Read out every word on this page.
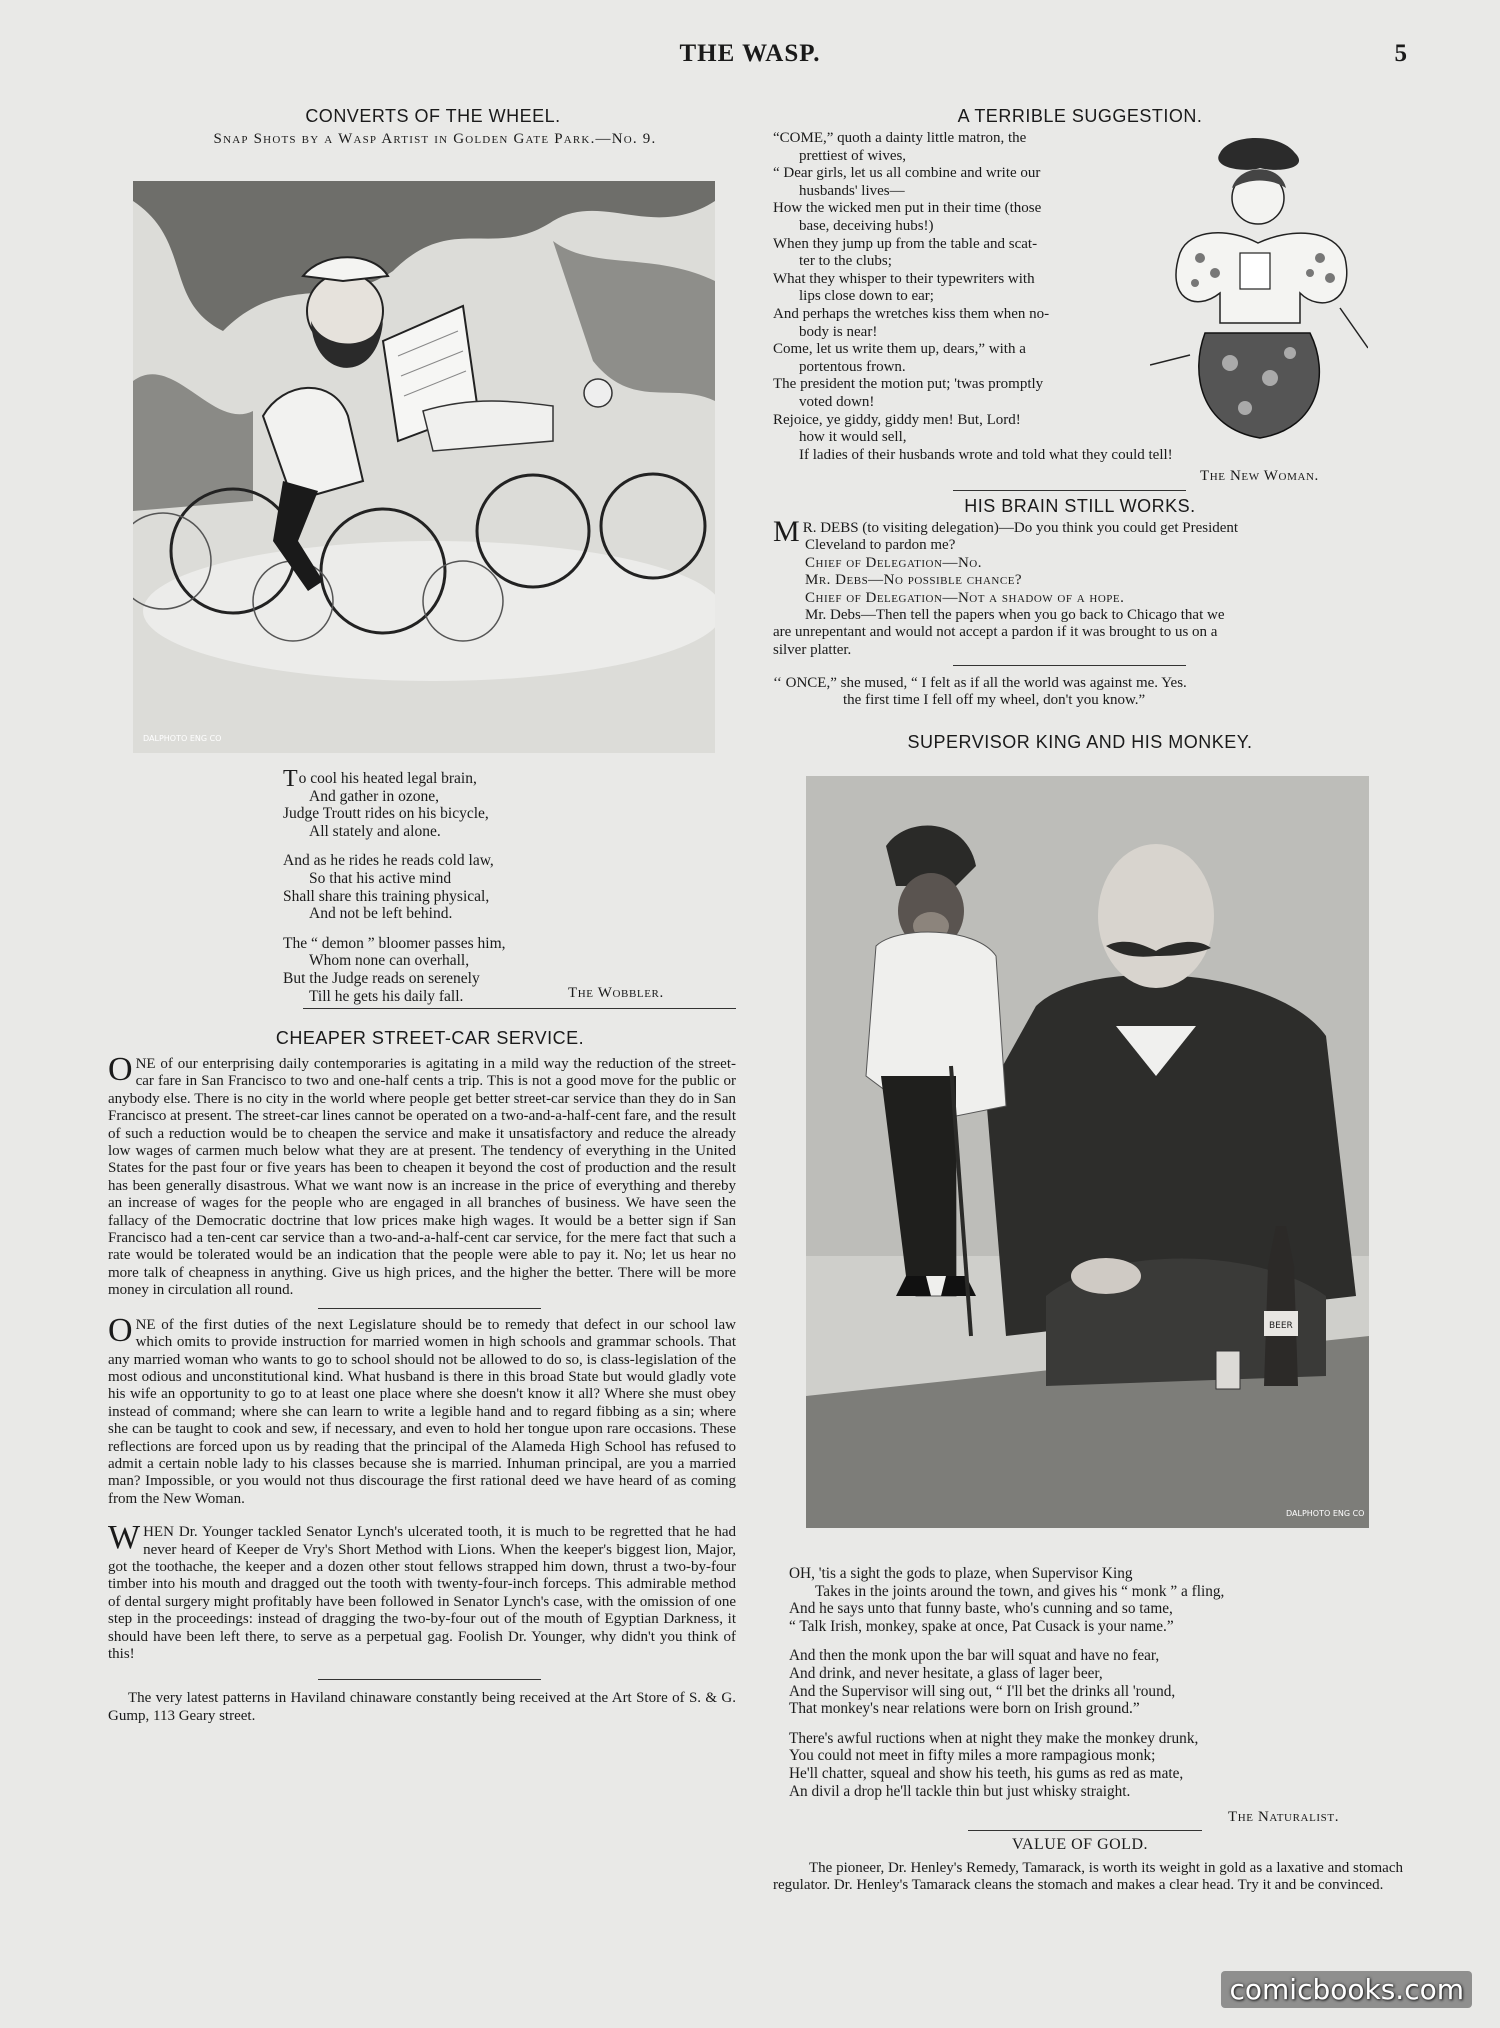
THE WASP.	5
CONVERTS OF THE WHEEL.
Snap Shots by a Wasp Artist in Golden Gate Park.—No. 9.
DALPHOTO ENG CO
T o cool his heated legal brain,
And gather in ozone,
Judge Troutt rides on his bicycle,
All stately and alone.
And as he rides he reads cold law,
So that his active mind
Shall share this training physical,
And not be left behind.
The “ demon ” bloomer passes him,
Whom none can overhall,
But the Judge reads on serenely
Till he gets his daily fall.	The Wobbler.
CHEAPER STREET-CAR SERVICE.

ONE of our enterprising daily contemporaries is agitating in a mild way the reduction of the street-car fare in San Francisco to two and one-half cents a trip. This is not a good move for the public or anybody else. There is no city in the world where people get better street-car service than they do in San Francisco at present. The street-car lines cannot be operated on a two-and-a-half-cent fare, and the result of such a reduction would be to cheapen the service and make it unsatisfactory and reduce the already low wages of carmen much below what they are at present. The tendency of everything in the United States for the past four or five years has been to cheapen it beyond the cost of production and the result has been generally disastrous. What we want now is an increase in the price of everything and thereby an increase of wages for the people who are engaged in all branches of business. We have seen the fallacy of the Democratic doctrine that low prices make high wages. It would be a better sign if San Francisco had a ten-cent car service than a two-and-a-half-cent car service, for the mere fact that such a rate would be tolerated would be an indication that the people were able to pay it. No; let us hear no more talk of cheapness in anything. Give us high prices, and the higher the better. There will be more money in circulation all round.

ONE of the first duties of the next Legislature should be to remedy that defect in our school law which omits to provide instruction for married women in high schools and grammar schools. That any married woman who wants to go to school should not be allowed to do so, is class-legislation of the most odious and unconstitutional kind. What husband is there in this broad State but would gladly vote his wife an opportunity to go to at least one place where she doesn't know it all? Where she must obey instead of command; where she can learn to write a legible hand and to regard fibbing as a sin; where she can be taught to cook and sew, if necessary, and even to hold her tongue upon rare occasions. These reflections are forced upon us by reading that the principal of the Alameda High School has refused to admit a certain noble lady to his classes because she is married. Inhuman principal, are you a married man? Impossible, or you would not thus discourage the first rational deed we have heard of as coming from the New Woman.

WHEN Dr. Younger tackled Senator Lynch's ulcerated tooth, it is much to be regretted that he had never heard of Keeper de Vry's Short Method with Lions. When the keeper's biggest lion, Major, got the toothache, the keeper and a dozen other stout fellows strapped him down, thrust a two-by-four timber into his mouth and dragged out the tooth with twenty-four-inch forceps. This admirable method of dental surgery might profitably have been followed in Senator Lynch's case, with the omission of one step in the proceedings: instead of dragging the two-by-four out of the mouth of Egyptian Darkness, it should have been left there, to serve as a perpetual gag. Foolish Dr. Younger, why didn't you think of this!

The very latest patterns in Haviland chinaware constantly being received at the Art Store of S. & G. Gump, 113 Geary street.

A TERRIBLE SUGGESTION.
“COME,” quoth a dainty little matron, the
prettiest of wives,
“ Dear girls, let us all combine and write our
husbands' lives—
How the wicked men put in their time (those
base, deceiving hubs!)
When they jump up from the table and scat-
ter to the clubs;
What they whisper to their typewriters with
lips close down to ear;
And perhaps the wretches kiss them when no-
body is near!
Come, let us write them up, dears,” with a
portentous frown.
The president the motion put; 'twas promptly
voted down!
Rejoice, ye giddy, giddy men! But, Lord!
how it would sell,
If ladies of their husbands wrote and told what they could tell!
The New Woman.
HIS BRAIN STILL WORKS.
M R. DEBS (to visiting delegation)—Do you think you could get President
Cleveland to pardon me?
Chief of Delegation—No.
Mr. Debs—No possible chance?
Chief of Delegation—Not a shadow of a hope.
Mr. Debs—Then tell the papers when you go back to Chicago that we
are unrepentant and would not accept a pardon if it was brought to us on a
silver platter.
‘‘ ONCE,” she mused, “ I felt as if all the world was against me. Yes.
the first time I fell off my wheel, don't you know.”
SUPERVISOR KING AND HIS MONKEY.
BEER
DALPHOTO ENG CO
OH, 'tis a sight the gods to plaze, when Supervisor King
Takes in the joints around the town, and gives his “ monk ” a fling,
And he says unto that funny baste, who's cunning and so tame,
“ Talk Irish, monkey, spake at once, Pat Cusack is your name.”
And then the monk upon the bar will squat and have no fear,
And drink, and never hesitate, a glass of lager beer,
And the Supervisor will sing out, “ I'll bet the drinks all 'round,
That monkey's near relations were born on Irish ground.”
There's awful ructions when at night they make the monkey drunk,
You could not meet in fifty miles a more rampagious monk;
He'll chatter, squeal and show his teeth, his gums as red as mate,
An divil a drop he'll tackle thin but just whisky straight.
The Naturalist.
VALUE OF GOLD.
The pioneer, Dr. Henley's Remedy, Tamarack, is worth its weight in gold as a laxative and stomach regulator. Dr. Henley's Tamarack cleans the stomach and makes a clear head. Try it and be convinced.
comicbooks.com
